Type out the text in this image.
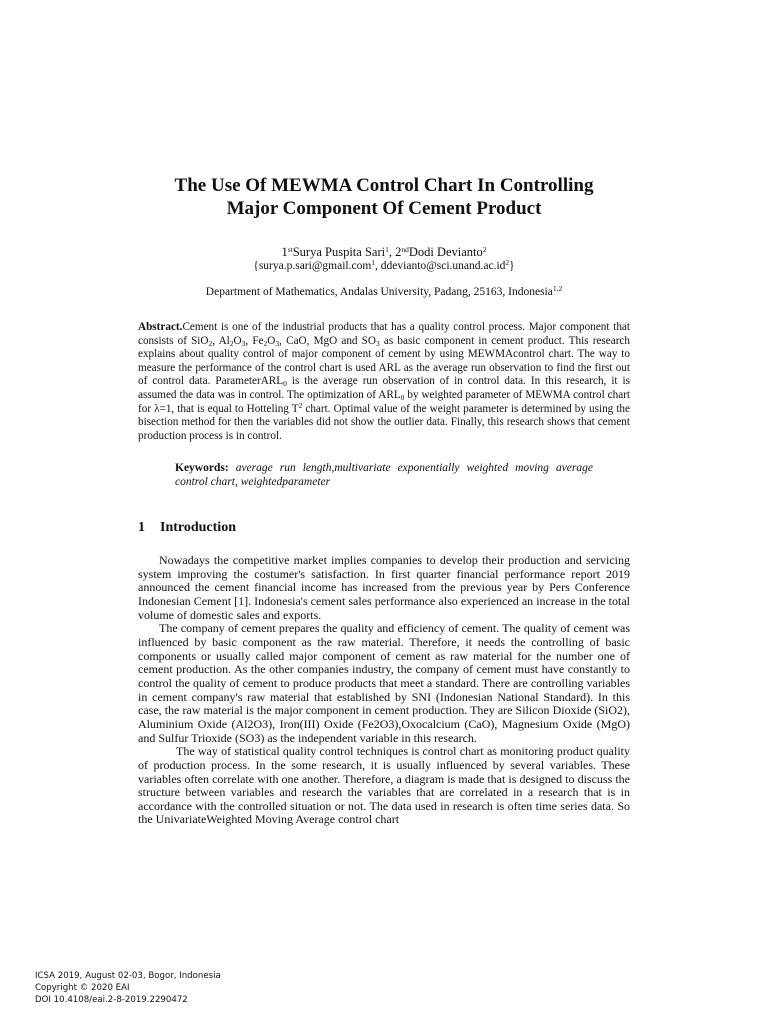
The Use Of MEWMA Control Chart In Controlling
Major Component Of Cement Product
1stSurya Puspita Sari$^1$, 2ndDodi Devianto$^2$
{surya.p.sari@gmail.com$^1$, $ddevianto@sci.unand.ac.id^2$}
Department of Mathematics, Andalas University, Padang, 25163, Indonesia$^{1,2}$
Abstract.Cement is one of the industrial products that has a quality control process. Major component that consists of SiO$_2$, $Al_2O_3$, $Fe_2O_3$, CaO, MgO and $SO_3$ as basic component in cement product. This research explains about quality control of major component of cement by using MEWMAcontrol chart. The way to measure the performance of the control chart is used ARL as the average run observation to find the first out of control data. ParameterARL$_0$ is the average run observation of in control data. In this research, it is assumed the data was in control. The optimization of $ARL_0$ by weighted parameter of MEWMA control chart for λ=1, that is equal to Hotteling $T^2$ chart. Optimal value of the weight parameter is determined by using the bisection method for then the variables did not show the outlier data. Finally, this research shows that cement production process is in control.
Keywords: average run length,multivariate exponentially weighted moving average control chart, weightedparameter
1 Introduction

Nowadays the competitive market implies companies to develop their production and servicing system improving the costumer's satisfaction. In first quarter financial performance report 2019 announced the cement financial income has increased from the previous year by Pers Conference Indonesian Cement [1]. Indonesia's cement sales performance also experienced an increase in the total volume of domestic sales and exports.

The company of cement prepares the quality and efficiency of cement. The quality of cement was influenced by basic component as the raw material. Therefore, it needs the controlling of basic components or usually called major component of cement as raw material for the number one of cement production. As the other companies industry, the company of cement must have constantly to control the quality of cement to produce products that meet a standard. There are controlling variables in cement company's raw material that established by SNI (Indonesian National Standard). In this case, the raw material is the major component in cement production. They are Silicon Dioxide (SiO2), Aluminium Oxide (Al2O3), Iron(III) Oxide (Fe2O3),Oxocalcium (CaO), Magnesium Oxide (MgO) and Sulfur Trioxide (SO3) as the independent variable in this research.

The way of statistical quality control techniques is control chart as monitoring product quality of production process. In the some research, it is usually influenced by several variables. These variables often correlate with one another. Therefore, a diagram is made that is designed to discuss the structure between variables and research the variables that are correlated in a research that is in accordance with the controlled situation or not. The data used in research is often time series data. So the UnivariateWeighted Moving Average control chart

ICSA 2019, August 02-03, Bogor, Indonesia
Copyright © 2020 EAI
DOI 10.4108/eai.2-8-2019.2290472
